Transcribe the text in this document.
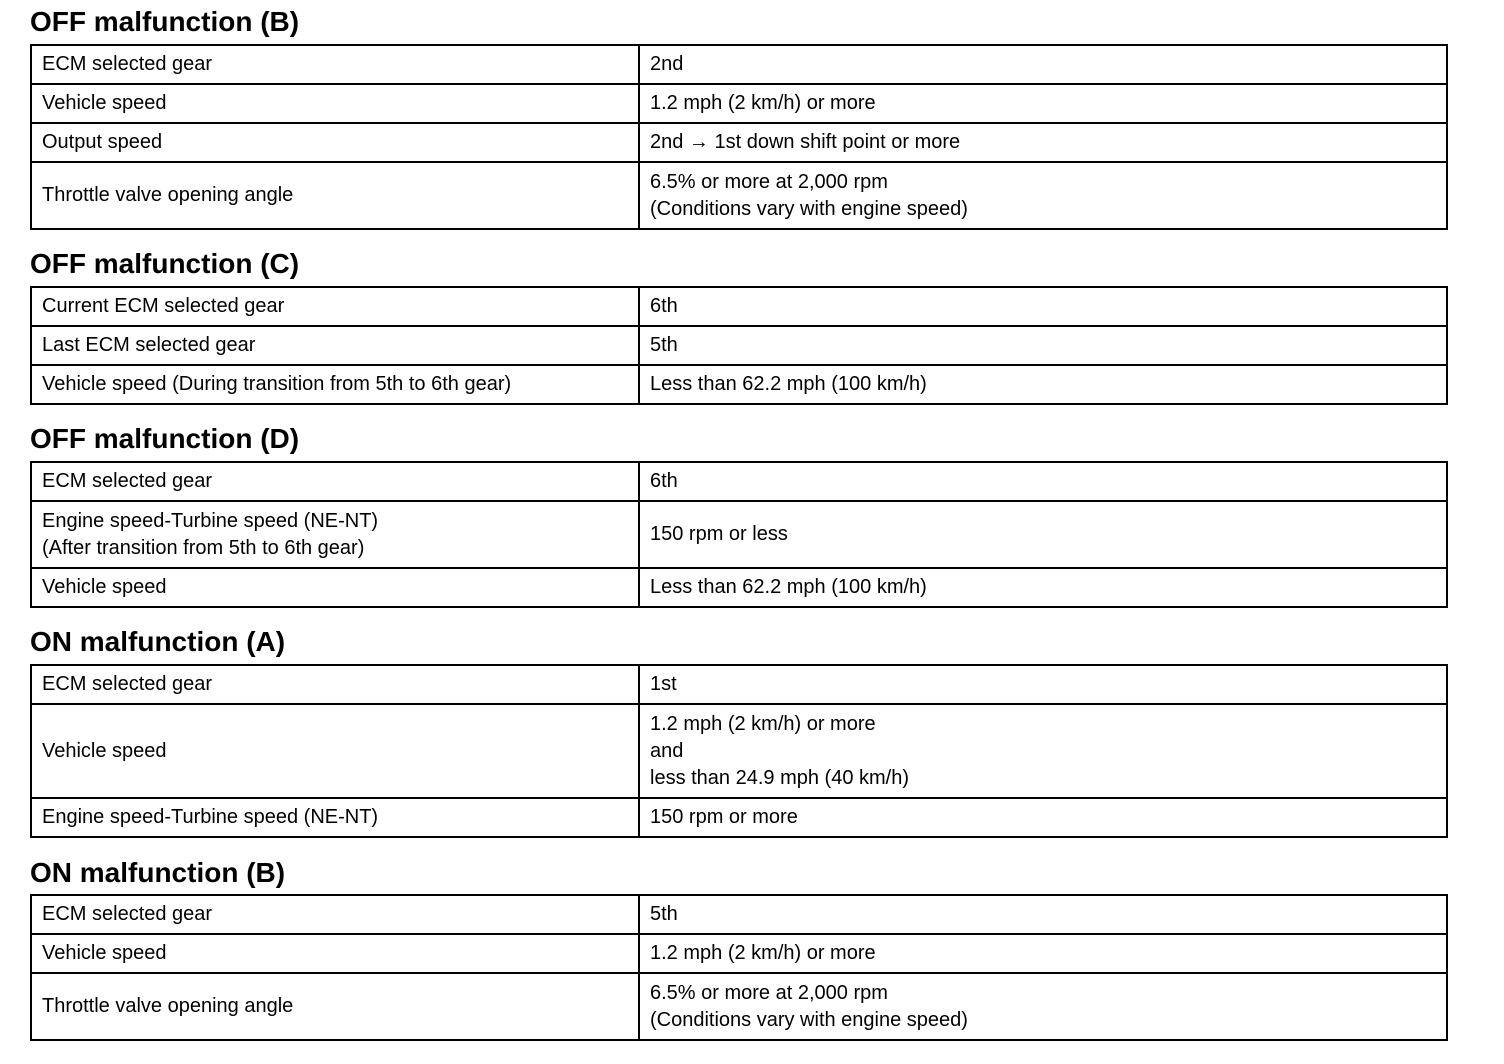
OFF malfunction (B)
ECM selected gear	2nd

Vehicle speed	1.2 mph (2 km/h) or more

Output speed	2nd → 1st down shift point or more

Throttle valve opening angle	6.5% or more at 2,000 rpm
(Conditions vary with engine speed)
OFF malfunction (C)
Current ECM selected gear	6th

Last ECM selected gear	5th

Vehicle speed (During transition from 5th to 6th gear)	Less than 62.2 mph (100 km/h)
OFF malfunction (D)
ECM selected gear	6th

Engine speed-Turbine speed (NE-NT)
(After transition from 5th to 6th gear)	150 rpm or less

Vehicle speed	Less than 62.2 mph (100 km/h)
ON malfunction (A)
ECM selected gear	1st

Vehicle speed	1.2 mph (2 km/h) or more
and
less than 24.9 mph (40 km/h)

Engine speed-Turbine speed (NE-NT)	150 rpm or more
ON malfunction (B)
ECM selected gear	5th

Vehicle speed	1.2 mph (2 km/h) or more

Throttle valve opening angle	6.5% or more at 2,000 rpm
(Conditions vary with engine speed)
